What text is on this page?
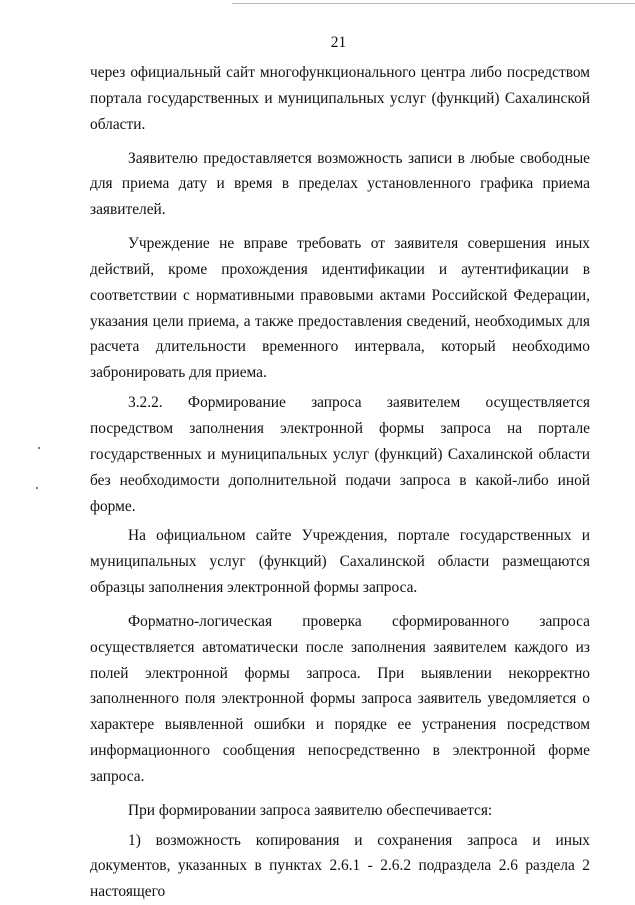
21

через официальный сайт многофункционального центра либо посредством портала государственных и муниципальных услуг (функций) Сахалинской области.

Заявителю предоставляется возможность записи в любые свободные для приема дату и время в пределах установленного графика приема заявителей.

Учреждение не вправе требовать от заявителя совершения иных действий, кроме прохождения идентификации и аутентификации в соответствии с нормативными правовыми актами Российской Федерации, указания цели приема, а также предоставления сведений, необходимых для расчета длительности временного интервала, который необходимо забронировать для приема.

3.2.2. Формирование запроса заявителем осуществляется посредством заполнения электронной формы запроса на портале государственных и муниципальных услуг (функций) Сахалинской области без необходимости дополнительной подачи запроса в какой-либо иной форме.

На официальном сайте Учреждения, портале государственных и муниципальных услуг (функций) Сахалинской области размещаются образцы заполнения электронной формы запроса.

Форматно-логическая проверка сформированного запроса осуществляется автоматически после заполнения заявителем каждого из полей электронной формы запроса. При выявлении некорректно заполненного поля электронной формы запроса заявитель уведомляется о характере выявленной ошибки и порядке ее устранения посредством информационного сообщения непосредственно в электронной форме запроса.

При формировании запроса заявителю обеспечивается:

1) возможность копирования и сохранения запроса и иных документов, указанных в пунктах 2.6.1 - 2.6.2 подраздела 2.6 раздела 2 настоящего
